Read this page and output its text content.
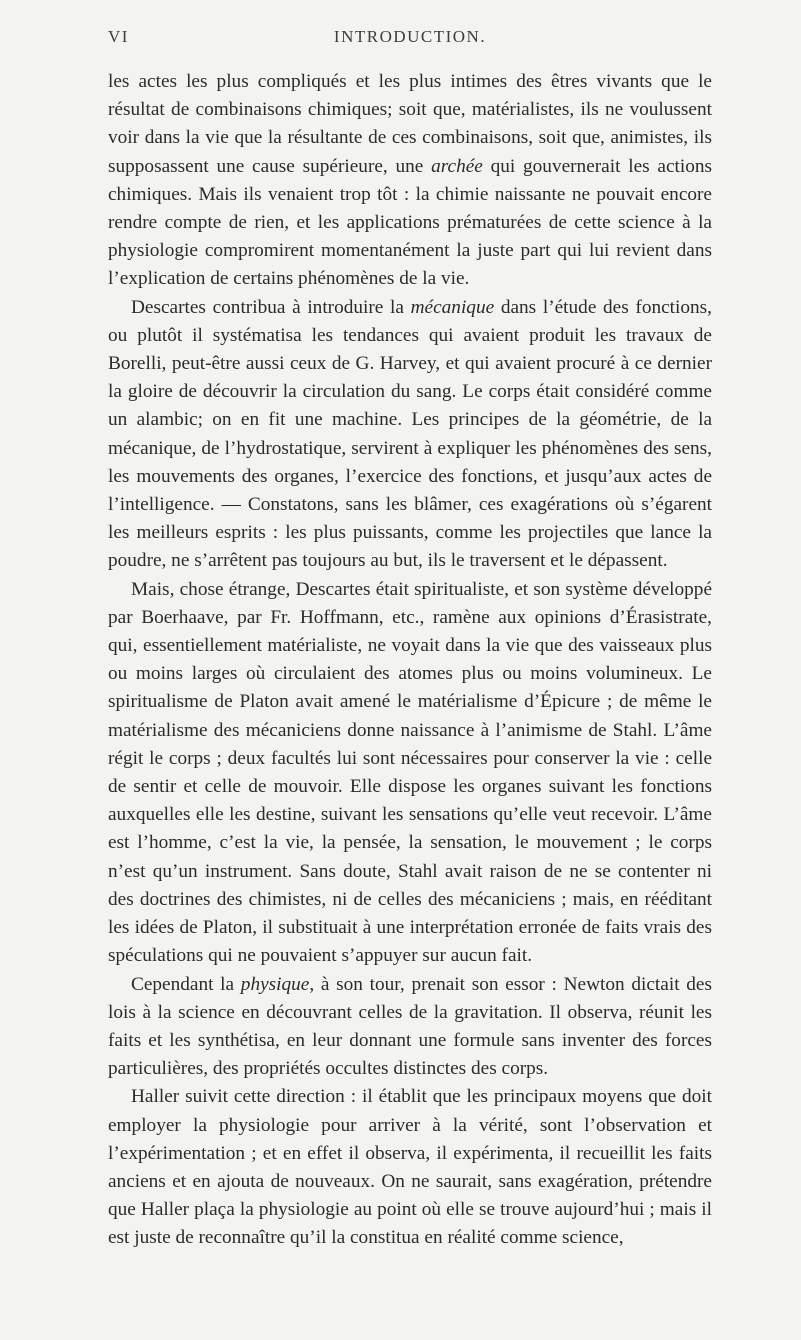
VI	INTRODUCTION.

les actes les plus compliqués et les plus intimes des êtres vivants que le résultat de combinaisons chimiques; soit que, matérialistes, ils ne voulussent voir dans la vie que la résultante de ces combinaisons, soit que, animistes, ils supposassent une cause supérieure, une archée qui gouvernerait les actions chimiques. Mais ils venaient trop tôt : la chimie naissante ne pouvait encore rendre compte de rien, et les applications prématurées de cette science à la physiologie compromirent momentanément la juste part qui lui revient dans l’explication de certains phénomènes de la vie.

Descartes contribua à introduire la mécanique dans l’étude des fonctions, ou plutôt il systématisa les tendances qui avaient produit les travaux de Borelli, peut-être aussi ceux de G. Harvey, et qui avaient procuré à ce dernier la gloire de découvrir la circulation du sang. Le corps était considéré comme un alambic; on en fit une machine. Les principes de la géométrie, de la mécanique, de l’hydrostatique, servirent à expliquer les phénomènes des sens, les mouvements des organes, l’exercice des fonctions, et jusqu’aux actes de l’intelligence. — Constatons, sans les blâmer, ces exagérations où s’égarent les meilleurs esprits : les plus puissants, comme les projectiles que lance la poudre, ne s’arrêtent pas toujours au but, ils le traversent et le dépassent.

Mais, chose étrange, Descartes était spiritualiste, et son système développé par Boerhaave, par Fr. Hoffmann, etc., ramène aux opinions d’Érasistrate, qui, essentiellement matérialiste, ne voyait dans la vie que des vaisseaux plus ou moins larges où circulaient des atomes plus ou moins volumineux. Le spiritualisme de Platon avait amené le matérialisme d’Épicure ; de même le matérialisme des mécaniciens donne naissance à l’animisme de Stahl. L’âme régit le corps ; deux facultés lui sont nécessaires pour conserver la vie : celle de sentir et celle de mouvoir. Elle dispose les organes suivant les fonctions auxquelles elle les destine, suivant les sensations qu’elle veut recevoir. L’âme est l’homme, c’est la vie, la pensée, la sensation, le mouvement ; le corps n’est qu’un instrument. Sans doute, Stahl avait raison de ne se contenter ni des doctrines des chimistes, ni de celles des mécaniciens ; mais, en rééditant les idées de Platon, il substituait à une interprétation erronée de faits vrais des spéculations qui ne pouvaient s’appuyer sur aucun fait.

Cependant la physique, à son tour, prenait son essor : Newton dictait des lois à la science en découvrant celles de la gravitation. Il observa, réunit les faits et les synthétisa, en leur donnant une formule sans inventer des forces particulières, des propriétés occultes distinctes des corps.

Haller suivit cette direction : il établit que les principaux moyens que doit employer la physiologie pour arriver à la vérité, sont l’observation et l’expérimentation ; et en effet il observa, il expérimenta, il recueillit les faits anciens et en ajouta de nouveaux. On ne saurait, sans exagération, prétendre que Haller plaça la physiologie au point où elle se trouve aujourd’hui ; mais il est juste de reconnaître qu’il la constitua en réalité comme science,
